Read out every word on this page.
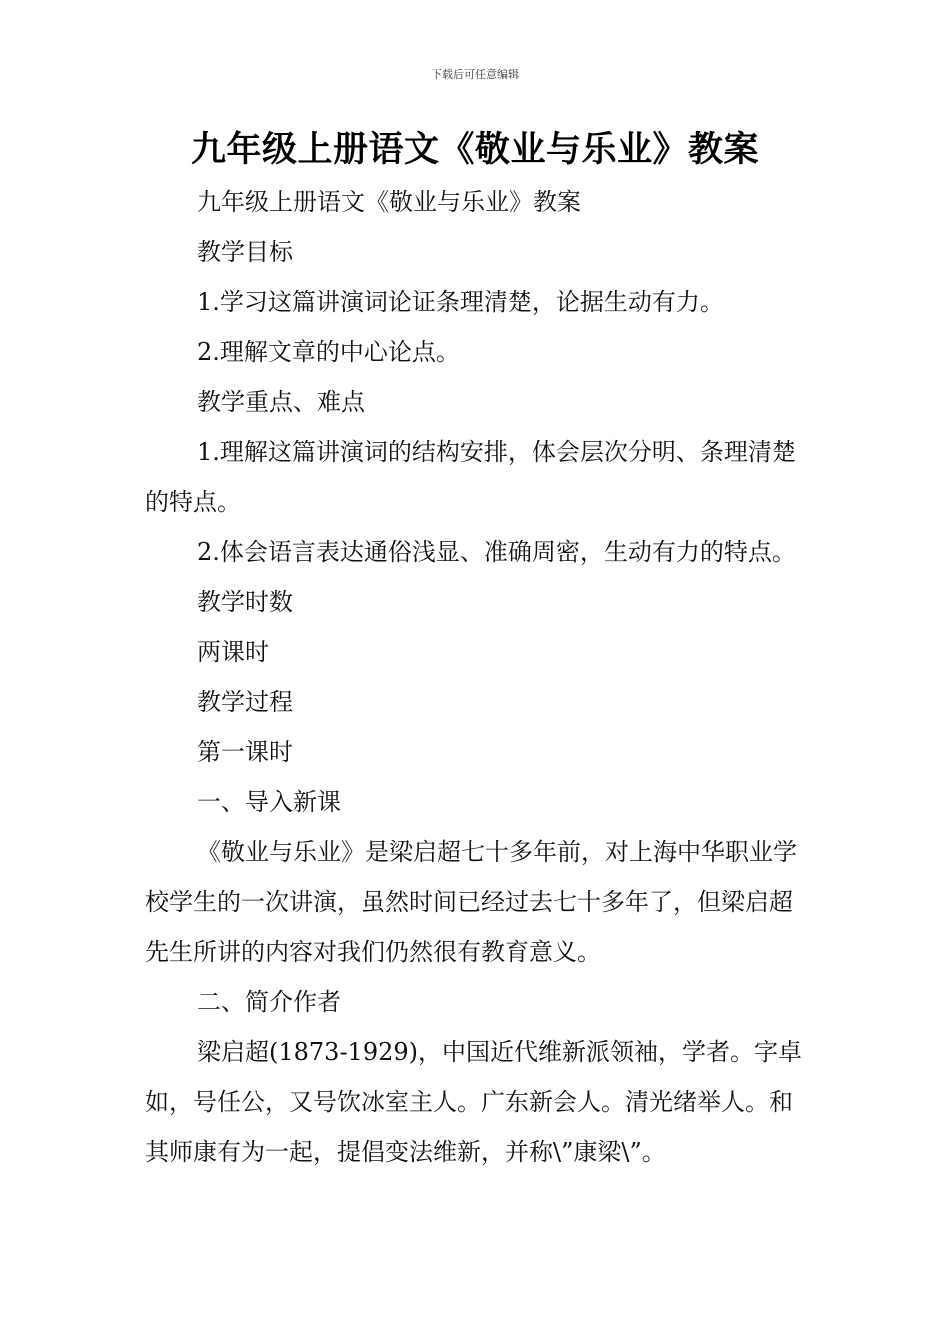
下载后可任意编辑
九年级上册语文《敬业与乐业》教案

九年级上册语文《敬业与乐业》教案

教学目标

1.学习这篇讲演词论证条理清楚，论据生动有力。

2.理解文章的中心论点。

教学重点、难点

1.理解这篇讲演词的结构安排，体会层次分明、条理清楚的特点。

2.体会语言表达通俗浅显、准确周密，生动有力的特点。

教学时数

两课时

教学过程

第一课时

一、导入新课

《敬业与乐业》是梁启超七十多年前，对上海中华职业学校学生的一次讲演，虽然时间已经过去七十多年了，但梁启超先生所讲的内容对我们仍然很有教育意义。

二、简介作者

梁启超(1873-1929)，中国近代维新派领袖，学者。字卓如，号任公，又号饮冰室主人。广东新会人。清光绪举人。和其师康有为一起，提倡变法维新，并称\”康梁\”。
